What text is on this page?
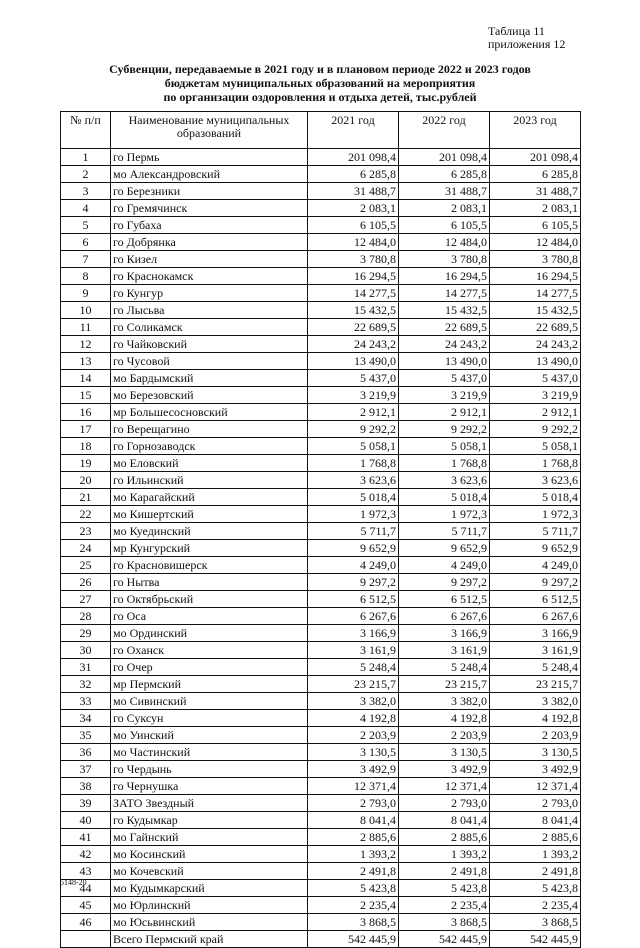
Таблица 11
приложения 12
Субвенции, передаваемые в 2021 году и в плановом периоде 2022 и 2023 годов
бюджетам муниципальных образований на мероприятия
по организации оздоровления и отдыха детей, тыс.рублей
№ п/п	Наименование муниципальных образований	2021 год	2022 год	2023 год
1	го Пермь	201 098,4	201 098,4	201 098,4
2	мо Александровский	6 285,8	6 285,8	6 285,8
3	го Березники	31 488,7	31 488,7	31 488,7
4	го Гремячинск	2 083,1	2 083,1	2 083,1
5	го Губаха	6 105,5	6 105,5	6 105,5
6	го Добрянка	12 484,0	12 484,0	12 484,0
7	го Кизел	3 780,8	3 780,8	3 780,8
8	го Краснокамск	16 294,5	16 294,5	16 294,5
9	го Кунгур	14 277,5	14 277,5	14 277,5
10	го Лысьва	15 432,5	15 432,5	15 432,5
11	го Соликамск	22 689,5	22 689,5	22 689,5
12	го Чайковский	24 243,2	24 243,2	24 243,2
13	го Чусовой	13 490,0	13 490,0	13 490,0
14	мо Бардымский	5 437,0	5 437,0	5 437,0
15	мо Березовский	3 219,9	3 219,9	3 219,9
16	мр Большесосновский	2 912,1	2 912,1	2 912,1
17	го Верещагино	9 292,2	9 292,2	9 292,2
18	го Горнозаводск	5 058,1	5 058,1	5 058,1
19	мо Еловский	1 768,8	1 768,8	1 768,8
20	го Ильинский	3 623,6	3 623,6	3 623,6
21	мо Карагайский	5 018,4	5 018,4	5 018,4
22	мо Кишертский	1 972,3	1 972,3	1 972,3
23	мо Куединский	5 711,7	5 711,7	5 711,7
24	мр Кунгурский	9 652,9	9 652,9	9 652,9
25	го Красновишерск	4 249,0	4 249,0	4 249,0
26	го Нытва	9 297,2	9 297,2	9 297,2
27	го Октябрьский	6 512,5	6 512,5	6 512,5
28	го Оса	6 267,6	6 267,6	6 267,6
29	мо Ординский	3 166,9	3 166,9	3 166,9
30	го Оханск	3 161,9	3 161,9	3 161,9
31	го Очер	5 248,4	5 248,4	5 248,4
32	мр Пермский	23 215,7	23 215,7	23 215,7
33	мо Сивинский	3 382,0	3 382,0	3 382,0
34	го Суксун	4 192,8	4 192,8	4 192,8
35	мо Уинский	2 203,9	2 203,9	2 203,9
36	мо Частинский	3 130,5	3 130,5	3 130,5
37	го Чердынь	3 492,9	3 492,9	3 492,9
38	го Чернушка	12 371,4	12 371,4	12 371,4
39	ЗАТО Звездный	2 793,0	2 793,0	2 793,0
40	го Кудымкар	8 041,4	8 041,4	8 041,4
41	мо Гайнский	2 885,6	2 885,6	2 885,6
42	мо Косинский	1 393,2	1 393,2	1 393,2
43	мо Кочевский	2 491,8	2 491,8	2 491,8
44	мо Кудымкарский	5 423,8	5 423,8	5 423,8
45	мо Юрлинский	2 235,4	2 235,4	2 235,4
46	мо Юсьвинский	3 868,5	3 868,5	3 868,5
	Всего Пермский край	542 445,9	542 445,9	542 445,9
5148-20
